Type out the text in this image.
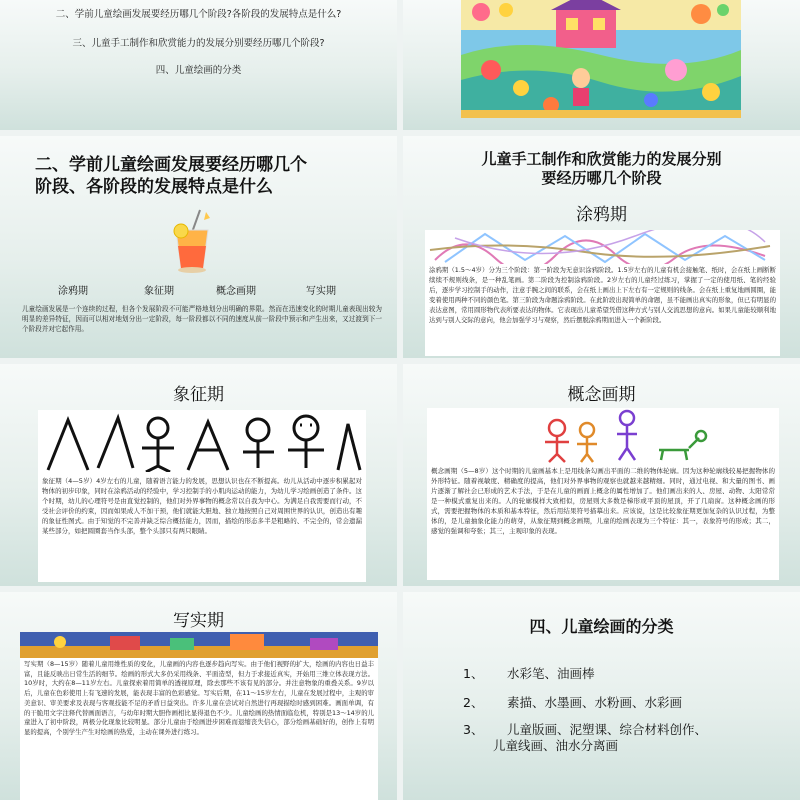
二、学前儿童绘画发展要经历哪几个阶段?各阶段的发展特点是什么?
三、儿童手工制作和欣赏能力的发展分别要经历哪几个阶段?
四、儿童绘画的分类
二、学前儿童绘画发展要经历哪几个
阶段、各阶段的发展特点是什么
涂鸦期	象征期	概念画期	写实期
儿童绘画发展是一个连续的过程，但各个发展阶段不可能严格地划分出明确的界限。然而在迅速变化的时期儿童表现出较为明显的差异特征，因而可以相对地划分出一定阶段，每一阶段都以不同的速度从前一阶段中预示和产生出来，又过渡到下一个阶段并对它起作用。
儿童手工制作和欣赏能力的发展分别
要经历哪几个阶段
涂鸦期
涂鸦期（1.5～4岁）分为三个阶段：第一阶段为无意识涂鸦阶段。1.5岁左右的儿童有机会接触笔、纸时，会在纸上画断断续续不规则线条，是一种乱笔画。第二阶段为控制涂鸦阶段。2岁左右的儿童经过练习，掌握了一定的使用纸、笔的经验后，逐步学习控制手的动作，注意手腕之间的联系，会在纸上画出上下左右有一定规则的线条。会在纸上重复地画圆圈，能变着使用两种不同的颜色笔。第三阶段为命题涂鸦阶段。在此阶段出现简单的命题，虽不能画出真实的形象，但已有明显的表达意图，常用圆形物代表所要表达的物体。它表现出儿童希望凭借这种方式与别人交流思想的意向。如果儿童能较顺利地达到与别人交际的意向，他会加强学习与观察，然后摆脱涂鸦期而进入一个新阶段。
象征期
象征期（4—5岁）4岁左右的儿童，随着语言能力的发展，思想认识也在不断提高。幼儿从活动中逐步积累起对物体的初步印象，同时在涂鸦活动的经验中，学习控制手的小肌肉运动的能力，为幼儿学习绘画创造了条件。这个时期，幼儿的心理符号是由直觉控制的，他们对外界事物的概念常以自我为中心。为满足自我需要而行动，不受社会评价的约束，因而如果成人不加干预，他们就能大胆地、独立地按照自己对周围世界的认识，创造出有趣的象征性图式。由于知觉的不完善并缺乏综合概括能力，因而，描绘的形态多半是粗略的、不完全的，常会遗漏某些部分，如把圆圈套当作头部，整个头部只有两只眼睛。
概念画期
概念画期（5—8岁）这个时期的儿童画基本上是用线条勾画出平面的二维的物体轮廓。因为这种轮廓线较易把握物体的外形特征。随着视敏度、精确度的提高，他们对外界事物的观察也就越来越精细。同时，通过电视、和大量的图书、画片逐渐了解社会已形成的艺术手法，于是在儿童的画面上概念的属性增加了。他们画出来的人、房屋、动物、太阳常常是一种模式重复出来的。人的轮廓模样大致相似，房屋则大多数是梯形或平顶的屋顶，开了几扇窗。这种概念画的形式，需要把握物体的本质和基本特征，然后用结果符号描摹出来。应该说，这是比较象征期更加复杂的认识过程，为整体的，是儿童抽象化能力的萌芽，从象征期到概念画期，儿童的绘画表现为三个特征：其一，表象符号的形成；其二，感觉的强调和夸张；其三，主观印象的表现。
写实期
写实期（8—15岁）随着儿童用维性质的变化，儿童画的内容也逐步趋向写实。由于他们视野的扩大，绘画的内容也日益丰富，且能反映出日常生活的细节。绘画的形式大多仍采用线条、平面造型，但力于求接近真实，开始用三维立体表现方法。10岁时，大约在8—11岁左右。儿童探索着用简单的透视原理，除去那些不该有见的部分。并注意物象的重叠关系。9岁以后，儿童在色彩使用上有飞速的发展，能表现丰富的色彩感觉。写实后期，在11～15岁左右，儿童在发展过程中，主观的审美意识、审美要求及表现与客观技能不足的矛盾日益突出。许多儿童在尝试对自然进行再现描绘时感到困难。画面单调，有的干脆用文字注释代替画面语言，与幼年时期大胆作画相比显得退色不少。儿童绘画的热情面临危机，特别是13～14岁的儿童进入了初中阶段，两极分化现象比较明显。部分儿童由于绘画进步困难而退缩丧失信心，部分绘画基础好的，创作上有明显的提高，个别学生产生对绘画的热爱，主动在课外进行练习。
四、儿童绘画的分类
1、 水彩笔、油画棒
2、 素描、水墨画、水粉画、水彩画
3、 儿童版画、泥塑课、综合材料创作、
儿童线画、油水分离画
